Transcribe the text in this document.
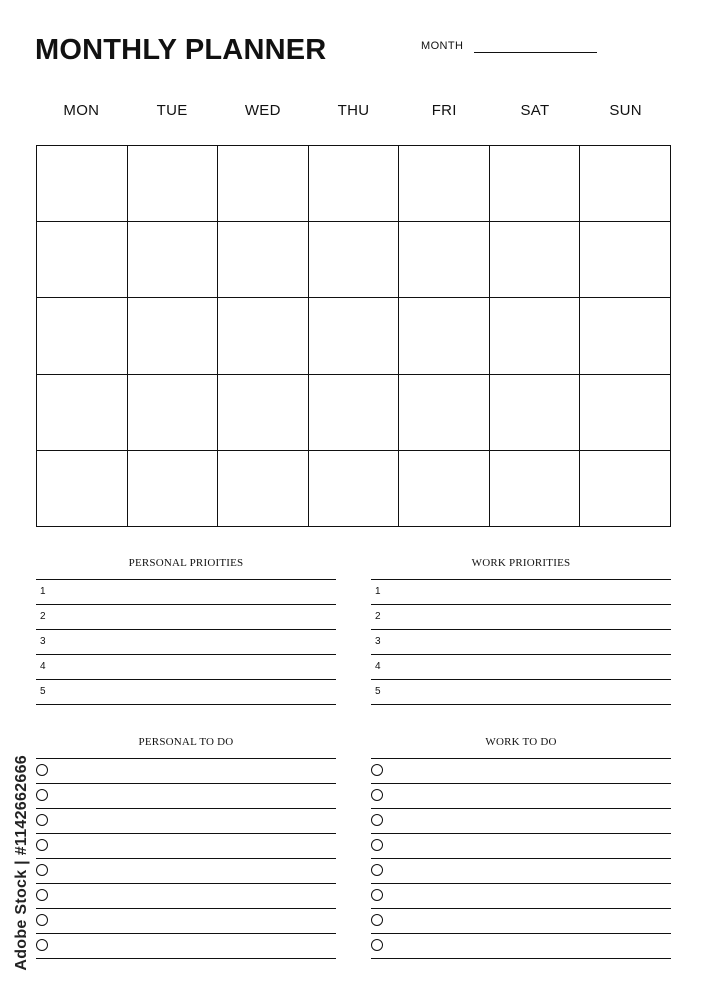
MONTHLY PLANNER	MONTH
MON	TUE	WED	THU	FRI	SAT	SUN
PERSONAL PRIOITIES
1
2
3
4
5
WORK PRIORITIES
1
2
3
4
5
PERSONAL TO DO	WORK TO DO
Adobe Stock | #1142662666
